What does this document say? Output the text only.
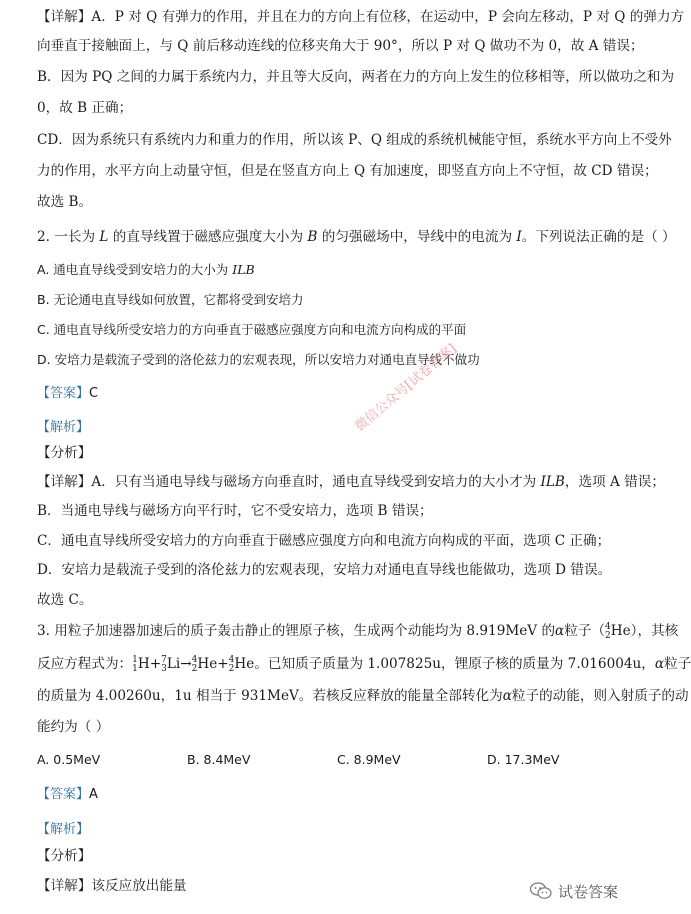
【详解】A．P 对 Q 有弹力的作用，并且在力的方向上有位移，在运动中，P 会向左移动，P 对 Q 的弹力方
向垂直于接触面上，与 Q 前后移动连线的位移夹角大于 90°，所以 P 对 Q 做功不为 0，故 A 错误；
B．因为 PQ 之间的力属于系统内力，并且等大反向，两者在力的方向上发生的位移相等，所以做功之和为
0，故 B 正确；
CD．因为系统只有系统内力和重力的作用，所以该 P、Q 组成的系统机械能守恒，系统水平方向上不受外
力的作用，水平方向上动量守恒，但是在竖直方向上 Q 有加速度，即竖直方向上不守恒，故 CD 错误；
故选 B。
2. 一长为 L 的直导线置于磁感应强度大小为 B 的匀强磁场中，导线中的电流为 I。下列说法正确的是（ ）
A. 通电直导线受到安培力的大小为 ILB
B. 无论通电直导线如何放置，它都将受到安培力
C. 通电直导线所受安培力的方向垂直于磁感应强度方向和电流方向构成的平面
D. 安培力是载流子受到的洛伦兹力的宏观表现，所以安培力对通电直导线不做功
【答案】C
【解析】
【分析】
【详解】A．只有当通电导线与磁场方向垂直时，通电直导线受到安培力的大小才为 ILB，选项 A 错误；
B．当通电导线与磁场方向平行时，它不受安培力，选项 B 错误；
C．通电直导线所受安培力的方向垂直于磁感应强度方向和电流方向构成的平面，选项 C 正确；
D．安培力是载流子受到的洛伦兹力的宏观表现，安培力对通电直导线也能做功，选项 D 错误。
故选 C。
3. 用粒子加速器加速后的质子轰击静止的锂原子核，生成两个动能均为 8.919MeV 的α粒子（ 4
2 He），其核
反应方程式为： 1
1 H+ 7
3 Li→ 4
2 He+ 4
2 He。已知质子质量为 1.007825u，锂原子核的质量为 7.016004u，α粒子
的质量为 4.00260u，1u 相当于 931MeV。若核反应释放的能量全部转化为α粒子的动能，则入射质子的动
能约为（ ）
A. 0.5MeV	B. 8.4MeV	C. 8.9MeV	D. 17.3MeV
【答案】A
【解析】
【分析】
【详解】该反应放出能量
微信公众号[试卷答案]
试卷答案
